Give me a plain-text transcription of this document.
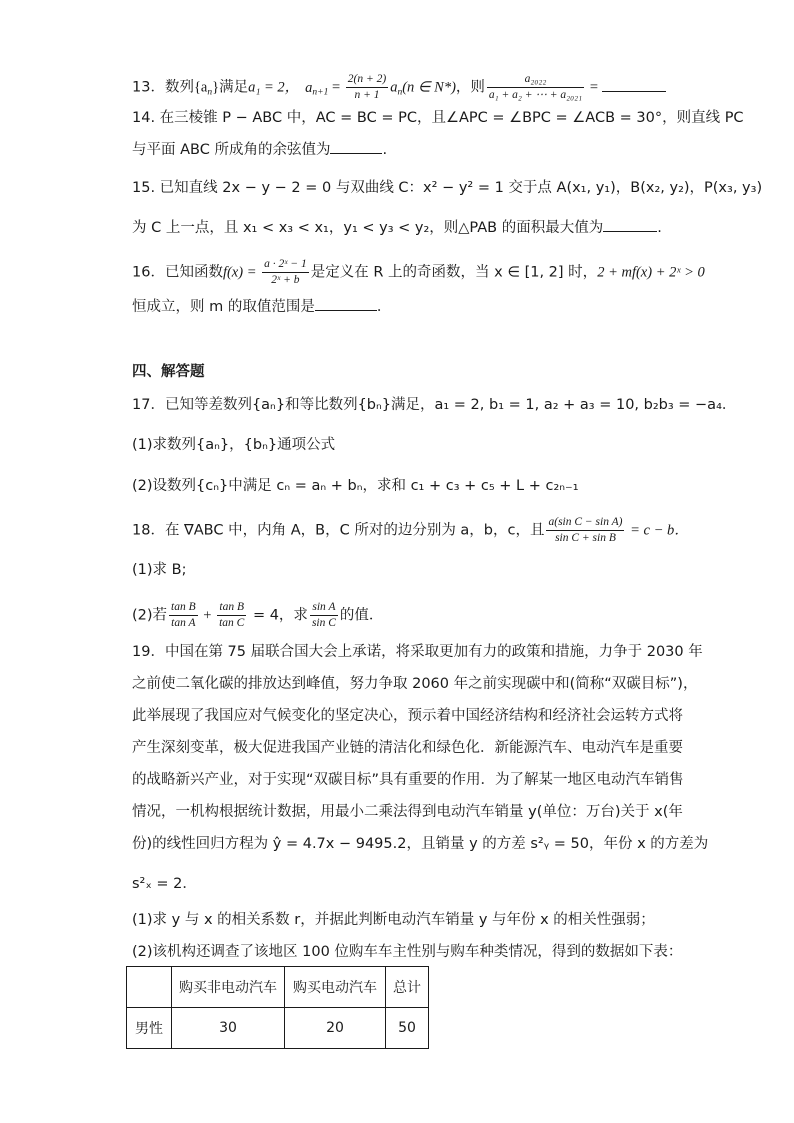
13．数列$\{a_n\}$满足a₁ = 2， $a_{n+1} = \frac{2(n + 2)}{n + 1} a_n(n$ ∈ N*)，则 $\frac{\text{a₂₀₂₂}}{\text{a₁ + a₂ + ⋯ + a₂₀₂₁}}$ =
14. 在三棱锥 P − ABC 中，AC = BC = PC，且∠APC = ∠BPC = ∠ACB = 30°，则直线 PC
与平面 ABC 所成角的余弦值为	.
15. 已知直线 2x − y − 2 = 0 与双曲线 C：x² − y² = 1 交于点 A(x₁, y₁)，B(x₂, y₂)，P(x₃, y₃)
为 C 上一点，且 x₁ < x₃ < x₁，y₁ < y₃ < y₂，则△PAB 的面积最大值为	.
16．已知函数$f(x) = \frac{\text{a · 2ˣ − 1}}{\text{2ˣ + b}}$ 是定义在 R 上的奇函数，当 x ∈ [1, 2] 时，2 + mf(x) + 2ˣ > 0
恒成立，则 m 的取值范围是	．
四、解答题
17．已知等差数列{aₙ}和等比数列{bₙ}满足，a₁ = 2, b₁ = 1, a₂ + a₃ = 10, b₂b₃ = −a₄．
(1)求数列{aₙ}，{bₙ}通项公式
(2)设数列{cₙ}中满足 cₙ = aₙ + bₙ，求和 c₁ + c₃ + c₅ + L + c₂ₙ₋₁
18．在 ∇ABC 中，内角 A，B，C 所对的边分别为 a，b，c，且 $\frac{\text{a(sin C − sin A)}}{\text{sin C + sin B}} = c - b$．
(1)求 B;
(2)若 $\frac{\text{tan B}}{\text{tan A}} + \frac{\text{tan B}}{\text{tan C}} = 4$，求 $\frac{\text{sin A}}{\text{sin C}}$ 的值．
19．中国在第 75 届联合国大会上承诺，将采取更加有力的政策和措施，力争于 2030 年
之前使二氧化碳的排放达到峰值，努力争取 2060 年之前实现碳中和(简称“双碳目标”)，
此举展现了我国应对气候变化的坚定决心，预示着中国经济结构和经济社会运转方式将
产生深刻变革，极大促进我国产业链的清洁化和绿色化．新能源汽车、电动汽车是重要
的战略新兴产业，对于实现“双碳目标”具有重要的作用．为了解某一地区电动汽车销售
情况，一机构根据统计数据，用最小二乘法得到电动汽车销量 y(单位：万台)关于 x(年
份)的线性回归方程为 ŷ = 4.7x − 9495.2，且销量 y 的方差 s²ᵧ = 50，年份 x 的方差为
s²ₓ = 2．
(1)求 y 与 x 的相关系数 r，并据此判断电动汽车销量 y 与年份 x 的相关性强弱；
(2)该机构还调查了该地区 100 位购车车主性别与购车种类情况，得到的数据如下表：
	购买非电动汽车	购买电动汽车	总计
男性	30	20	50
